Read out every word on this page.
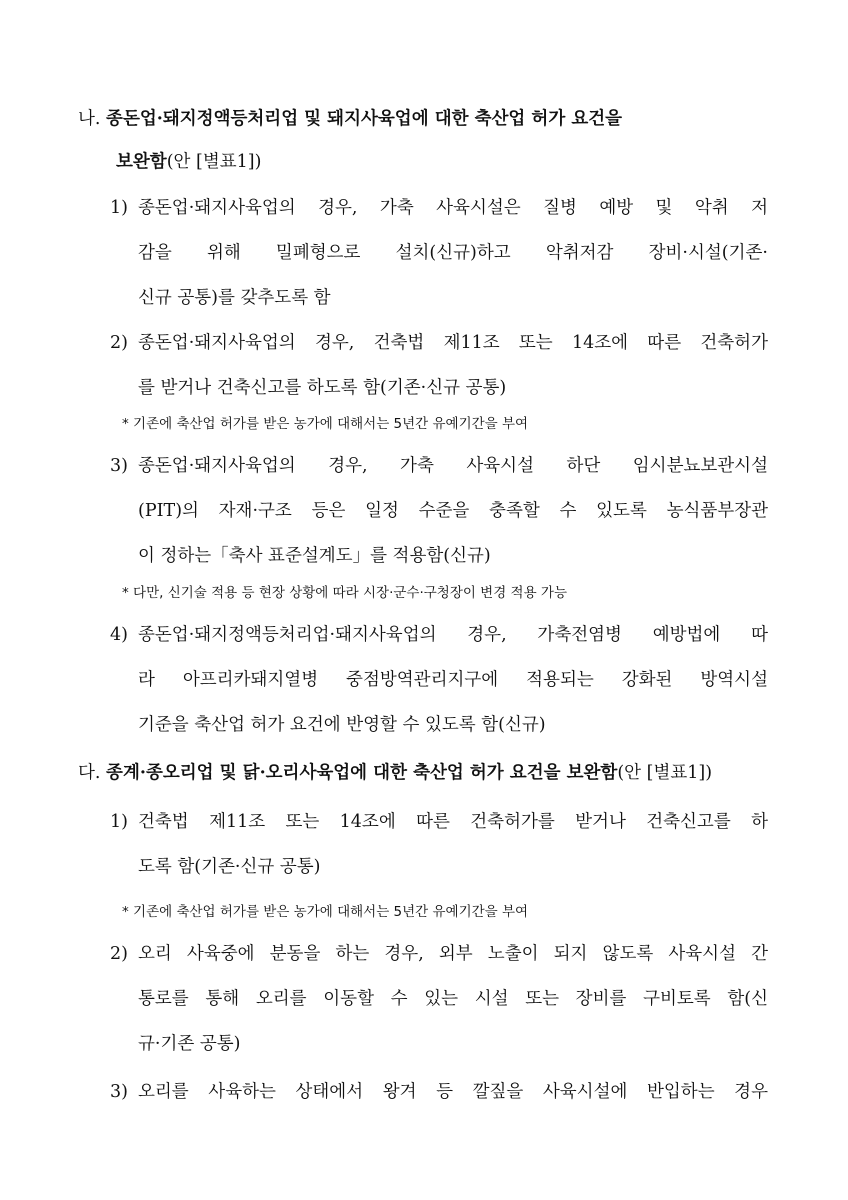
나. 종돈업·돼지정액등처리업 및 돼지사육업에 대한 축산업 허가 요건을
보완함(안 [별표1])
1) 종돈업·돼지사육업의 경우, 가축 사육시설은 질병 예방 및 악취 저
감을 위해 밀폐형으로 설치(신규)하고 악취저감 장비·시설(기존·
신규 공통)를 갖추도록 함
2) 종돈업·돼지사육업의 경우, 건축법 제11조 또는 14조에 따른 건축허가
를 받거나 건축신고를 하도록 함(기존·신규 공통)
* 기존에 축산업 허가를 받은 농가에 대해서는 5년간 유예기간을 부여
3) 종돈업·돼지사육업의 경우, 가축 사육시설 하단 임시분뇨보관시설
(PIT)의 자재·구조 등은 일정 수준을 충족할 수 있도록 농식품부장관
이 정하는「축사 표준설계도」를 적용함(신규)
* 다만, 신기술 적용 등 현장 상황에 따라 시장·군수·구청장이 변경 적용 가능
4) 종돈업·돼지정액등처리업·돼지사육업의 경우, 가축전염병 예방법에 따
라 아프리카돼지열병 중점방역관리지구에 적용되는 강화된 방역시설
기준을 축산업 허가 요건에 반영할 수 있도록 함(신규)
다. 종계·종오리업 및 닭·오리사육업에 대한 축산업 허가 요건을 보완함(안 [별표1])
1) 건축법 제11조 또는 14조에 따른 건축허가를 받거나 건축신고를 하
도록 함(기존·신규 공통)
* 기존에 축산업 허가를 받은 농가에 대해서는 5년간 유예기간을 부여
2) 오리 사육중에 분동을 하는 경우, 외부 노출이 되지 않도록 사육시설 간
통로를 통해 오리를 이동할 수 있는 시설 또는 장비를 구비토록 함(신
규·기존 공통)
3) 오리를 사육하는 상태에서 왕겨 등 깔짚을 사육시설에 반입하는 경우
